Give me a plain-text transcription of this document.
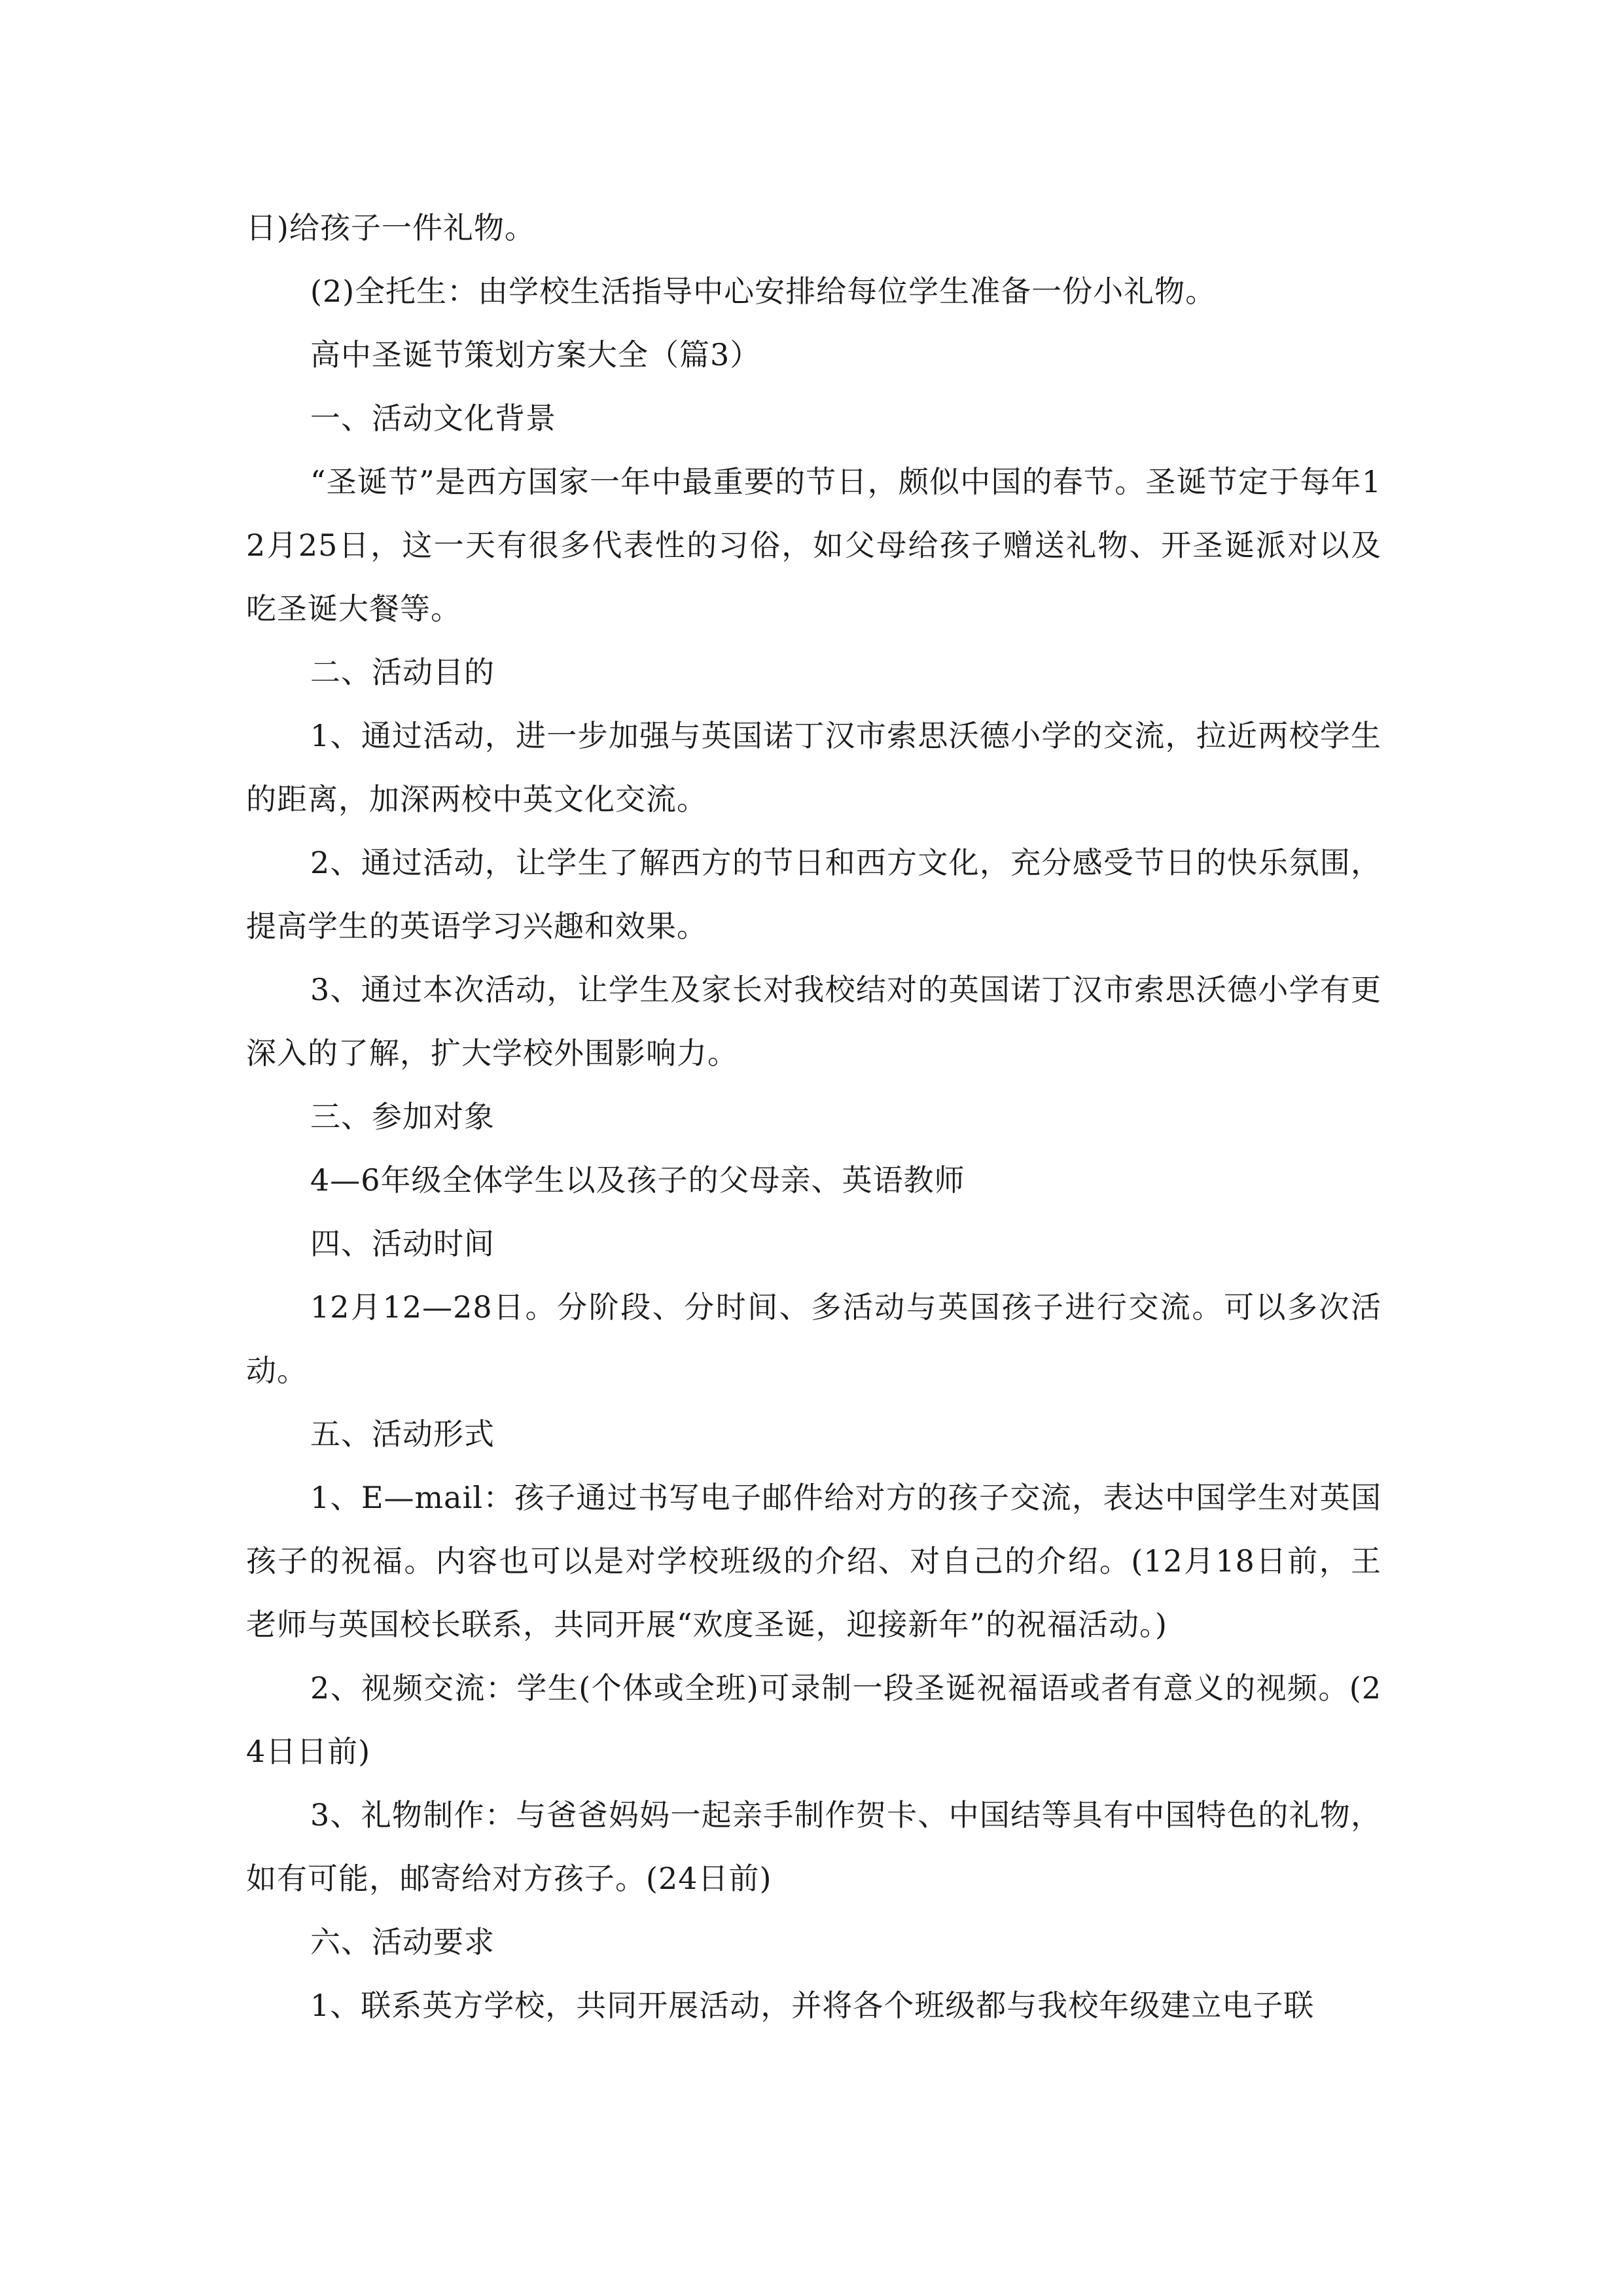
日)给孩子一件礼物。

(2)全托生：由学校生活指导中心安排给每位学生准备一份小礼物。

高中圣诞节策划方案大全（篇3）

一、活动文化背景

“圣诞节”是西方国家一年中最重要的节日，颇似中国的春节。圣诞节定于每年12月25日，这一天有很多代表性的习俗，如父母给孩子赠送礼物、开圣诞派对以及吃圣诞大餐等。

二、活动目的

1、通过活动，进一步加强与英国诺丁汉市索思沃德小学的交流，拉近两校学生的距离，加深两校中英文化交流。

2、通过活动，让学生了解西方的节日和西方文化，充分感受节日的快乐氛围，提高学生的英语学习兴趣和效果。

3、通过本次活动，让学生及家长对我校结对的英国诺丁汉市索思沃德小学有更深入的了解，扩大学校外围影响力。

三、参加对象

4—6年级全体学生以及孩子的父母亲、英语教师

四、活动时间

12月12—28日。分阶段、分时间、多活动与英国孩子进行交流。可以多次活动。

五、活动形式

1、E—mail：孩子通过书写电子邮件给对方的孩子交流，表达中国学生对英国孩子的祝福。内容也可以是对学校班级的介绍、对自己的介绍。(12月18日前，王老师与英国校长联系，共同开展“欢度圣诞，迎接新年”的祝福活动。)

2、视频交流：学生(个体或全班)可录制一段圣诞祝福语或者有意义的视频。(24日日前)

3、礼物制作：与爸爸妈妈一起亲手制作贺卡、中国结等具有中国特色的礼物，如有可能，邮寄给对方孩子。(24日前)

六、活动要求

1、联系英方学校，共同开展活动，并将各个班级都与我校年级建立电子联
